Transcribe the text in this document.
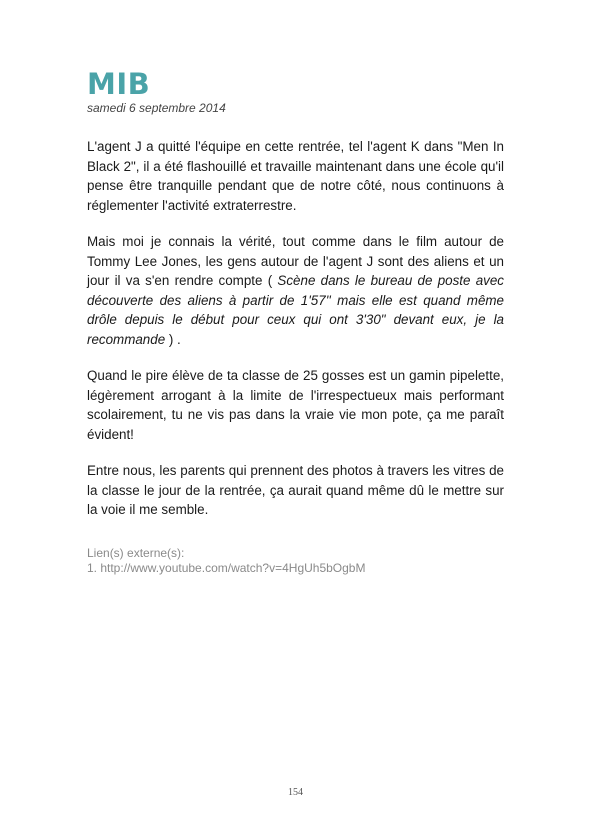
MIB
samedi 6 septembre 2014

L'agent J a quitté l'équipe en cette rentrée, tel l'agent K dans "Men In Black 2", il a été flashouillé et travaille maintenant dans une école qu'il pense être tranquille pendant que de notre côté, nous continuons à réglementer l'activité extraterrestre.

Mais moi je connais la vérité, tout comme dans le film autour de Tommy Lee Jones, les gens autour de l'agent J sont des aliens et un jour il va s'en rendre compte ( Scène dans le bureau de poste avec découverte des aliens à partir de 1'57'' mais elle est quand même drôle depuis le début pour ceux qui ont 3'30" devant eux, je la recommande ) .

Quand le pire élève de ta classe de 25 gosses est un gamin pipelette, légèrement arrogant à la limite de l'irrespectueux mais performant scolairement, tu ne vis pas dans la vraie vie mon pote, ça me paraît évident!

Entre nous, les parents qui prennent des photos à travers les vitres de la classe le jour de la rentrée, ça aurait quand même dû le mettre sur la voie il me semble.

Lien(s) externe(s):
1. http://www.youtube.com/watch?v=4HgUh5bOgbM
154
